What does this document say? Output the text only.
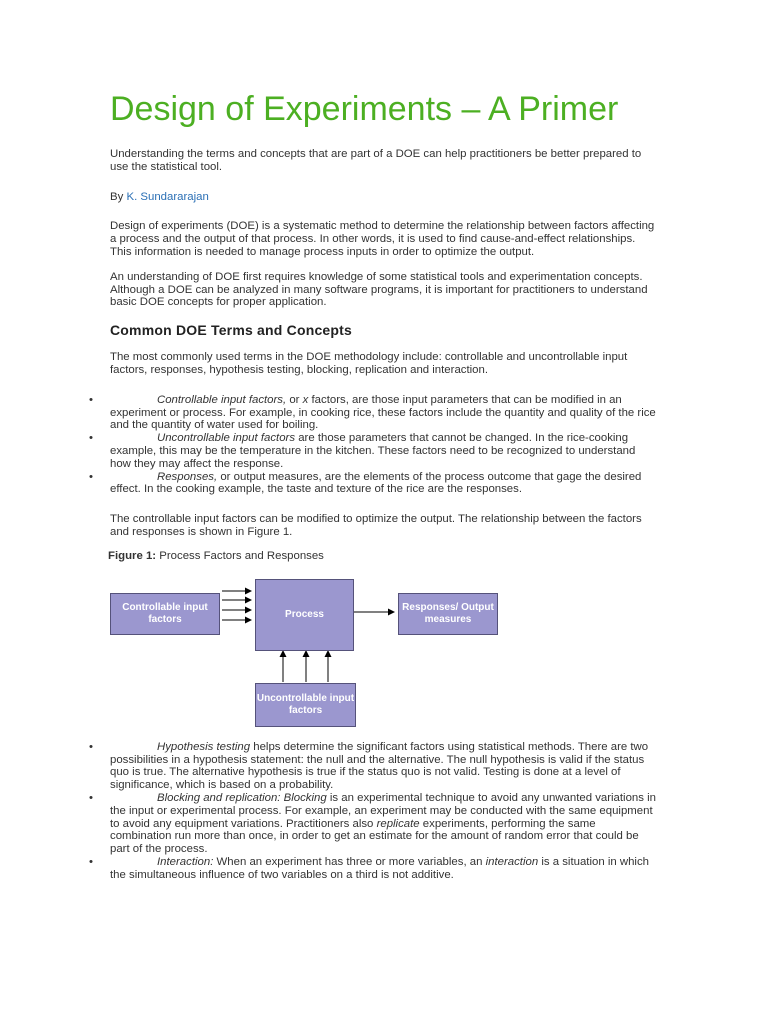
Design of Experiments – A Primer

Understanding the terms and concepts that are part of a DOE can help practitioners be better prepared to use the statistical tool.

By K. Sundararajan

Design of experiments (DOE) is a systematic method to determine the relationship between factors affecting a process and the output of that process. In other words, it is used to find cause-and-effect relationships. This information is needed to manage process inputs in order to optimize the output.

An understanding of DOE first requires knowledge of some statistical tools and experimentation concepts. Although a DOE can be analyzed in many software programs, it is important for practitioners to understand basic DOE concepts for proper application.

Common DOE Terms and Concepts

The most commonly used terms in the DOE methodology include: controllable and uncontrollable input factors, responses, hypothesis testing, blocking, replication and interaction.

•	Controllable input factors, or x factors, are those input parameters that can be modified in an experiment or process. For example, in cooking rice, these factors include the quantity and quality of the rice and the quantity of water used for boiling.
•	Uncontrollable input factors are those parameters that cannot be changed. In the rice-cooking example, this may be the temperature in the kitchen. These factors need to be recognized to understand how they may affect the response.
•	Responses, or output measures, are the elements of the process outcome that gage the desired effect. In the cooking example, the taste and texture of the rice are the responses.

The controllable input factors can be modified to optimize the output. The relationship between the factors and responses is shown in Figure 1.

Figure 1: Process Factors and Responses
Controllable input factors	Process
Responses/ Output measures
Uncontrollable input factors
•	Hypothesis testing helps determine the significant factors using statistical methods. There are two possibilities in a hypothesis statement: the null and the alternative. The null hypothesis is valid if the status quo is true. The alternative hypothesis is true if the status quo is not valid. Testing is done at a level of significance, which is based on a probability.
•	Blocking and replication: Blocking is an experimental technique to avoid any unwanted variations in the input or experimental process. For example, an experiment may be conducted with the same equipment to avoid any equipment variations. Practitioners also replicate experiments, performing the same combination run more than once, in order to get an estimate for the amount of random error that could be part of the process.
•	Interaction: When an experiment has three or more variables, an interaction is a situation in which the simultaneous influence of two variables on a third is not additive.
